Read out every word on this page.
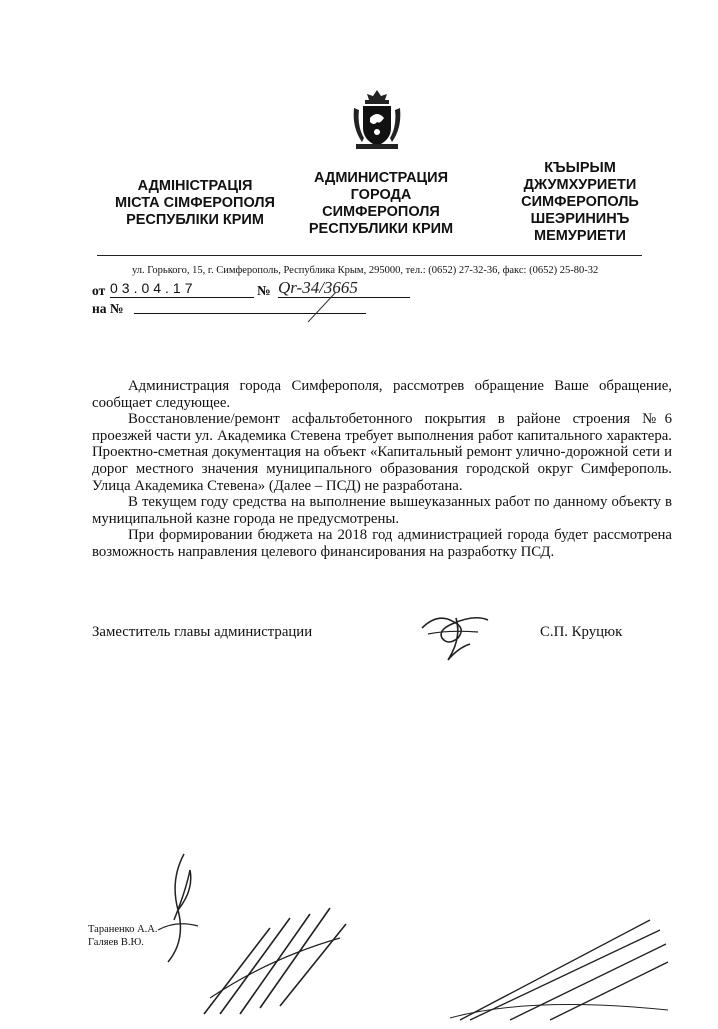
АДМІНІСТРАЦІЯ
МІСТА СІМФЕРОПОЛЯ
РЕСПУБЛІКИ КРИМ
АДМИНИСТРАЦИЯ
ГОРОДА
СИМФЕРОПОЛЯ
РЕСПУБЛИКИ КРИМ
КЪЫРЫМ
ДЖУМХУРИЕТИ
СИМФЕРОПОЛЬ
ШЕЭРИНИНЪ
МЕМУРИЕТИ
ул. Горького, 15, г. Симферополь, Республика Крым, 295000, тел.: (0652) 27-32-36, факс: (0652) 25-80-32
от 03.04.17	№ Qr-34/3665
на №

Администрация города Симферополя, рассмотрев обращение Ваше обращение, сообщает следующее.

Восстановление/ремонт асфальтобетонного покрытия в районе строения №6 проезжей части ул. Академика Стевена требует выполнения работ капитального характера. Проектно-сметная документация на объект «Капитальный ремонт улично-дорожной сети и дорог местного значения муниципального образования городской округ Симферополь. Улица Академика Стевена» (Далее – ПСД) не разработана.

В текущем году средства на выполнение вышеуказанных работ по данному объекту в муниципальной казне города не предусмотрены.

При формировании бюджета на 2018 год администрацией города будет рассмотрена возможность направления целевого финансирования на разработку ПСД.

Заместитель главы администрации	С.П. Круцюк
Тараненко А.А.
Галяев В.Ю.
